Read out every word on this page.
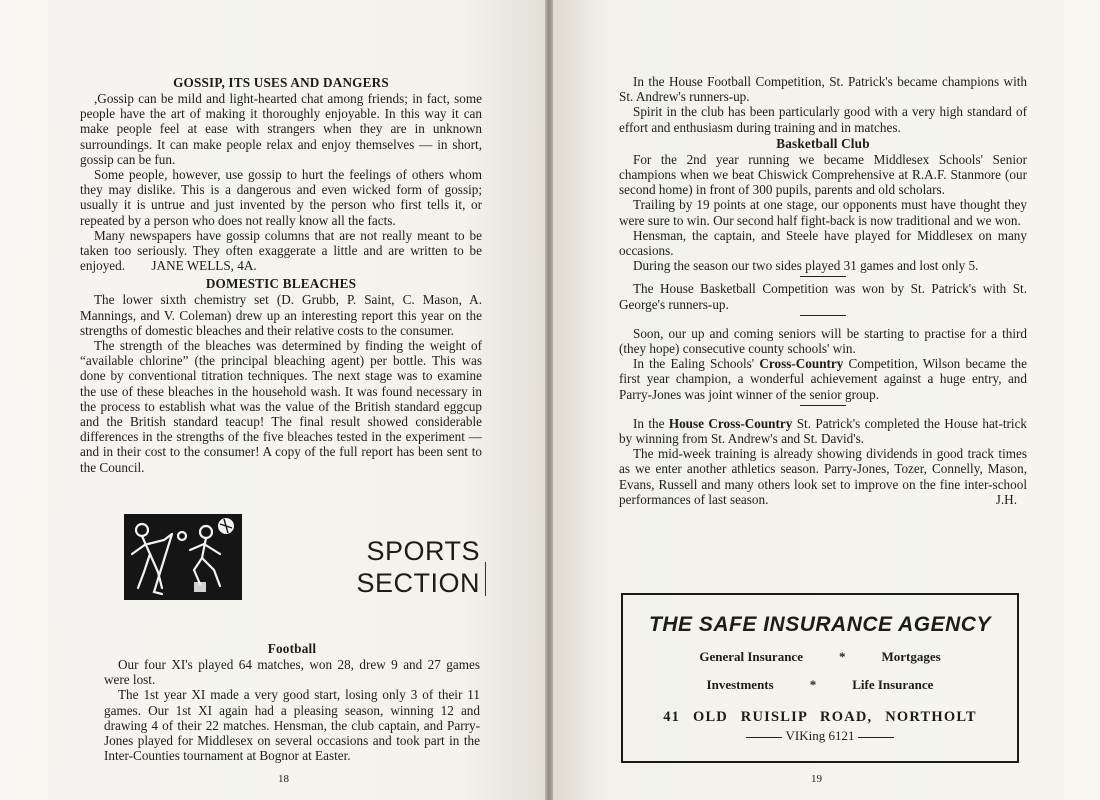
GOSSIP, ITS USES AND DANGERS

,Gossip can be mild and light-hearted chat among friends; in fact, some people have the art of making it thoroughly enjoyable. In this way it can make people feel at ease with strangers when they are in unknown surroundings. It can make people relax and enjoy themselves — in short, gossip can be fun.

Some people, however, use gossip to hurt the feelings of others whom they may dislike. This is a dangerous and even wicked form of gossip; usually it is untrue and just invented by the person who first tells it, or repeated by a person who does not really know all the facts.

Many newspapers have gossip columns that are not really meant to be taken too seriously. They often exaggerate a little and are written to be enjoyed. JANE WELLS, 4A.

DOMESTIC BLEACHES

The lower sixth chemistry set (D. Grubb, P. Saint, C. Mason, A. Mannings, and V. Coleman) drew up an interesting report this year on the strengths of domestic bleaches and their relative costs to the consumer.

The strength of the bleaches was determined by finding the weight of “available chlorine” (the principal bleaching agent) per bottle. This was done by conventional titration techniques. The next stage was to examine the use of these bleaches in the household wash. It was found necessary in the process to establish what was the value of the British standard eggcup and the British standard teacup! The final result showed considerable differences in the strengths of the five bleaches tested in the experiment — and in their cost to the consumer! A copy of the full report has been sent to the Council.

SPORTS
SECTION
Football

Our four XI's played 64 matches, won 28, drew 9 and 27 games were lost.

The 1st year XI made a very good start, losing only 3 of their 11 games. Our 1st XI again had a pleasing season, winning 12 and drawing 4 of their 22 matches. Hensman, the club captain, and Parry-Jones played for Middlesex on several occasions and took part in the Inter-Counties tournament at Bognor at Easter.

18

In the House Football Competition, St. Patrick's became champions with St. Andrew's runners-up.

Spirit in the club has been particularly good with a very high standard of effort and enthusiasm during training and in matches.

Basketball Club

For the 2nd year running we became Middlesex Schools' Senior champions when we beat Chiswick Comprehensive at R.A.F. Stanmore (our second home) in front of 300 pupils, parents and old scholars.

Trailing by 19 points at one stage, our opponents must have thought they were sure to win. Our second half fight-back is now traditional and we won.

Hensman, the captain, and Steele have played for Middlesex on many occasions.

During the season our two sides played 31 games and lost only 5.

The House Basketball Competition was won by St. Patrick's with St. George's runners-up.

Soon, our up and coming seniors will be starting to practise for a third (they hope) consecutive county schools' win.

In the Ealing Schools' Cross-Country Competition, Wilson became the first year champion, a wonderful achievement against a huge entry, and Parry-Jones was joint winner of the senior group.

In the House Cross-Country St. Patrick's completed the House hat-trick by winning from St. Andrew's and St. David's.

The mid-week training is already showing dividends in good track times as we enter another athletics season. Parry-Jones, Tozer, Connelly, Mason, Evans, Russell and many others look set to improve on the fine inter-school performances of last season.	J.H.

THE SAFE INSURANCE AGENCY
General Insurance	*	Mortgages
Investments	*	Life Insurance
41 OLD RUISLIP ROAD, NORTHOLT
VIKing 6121
19
